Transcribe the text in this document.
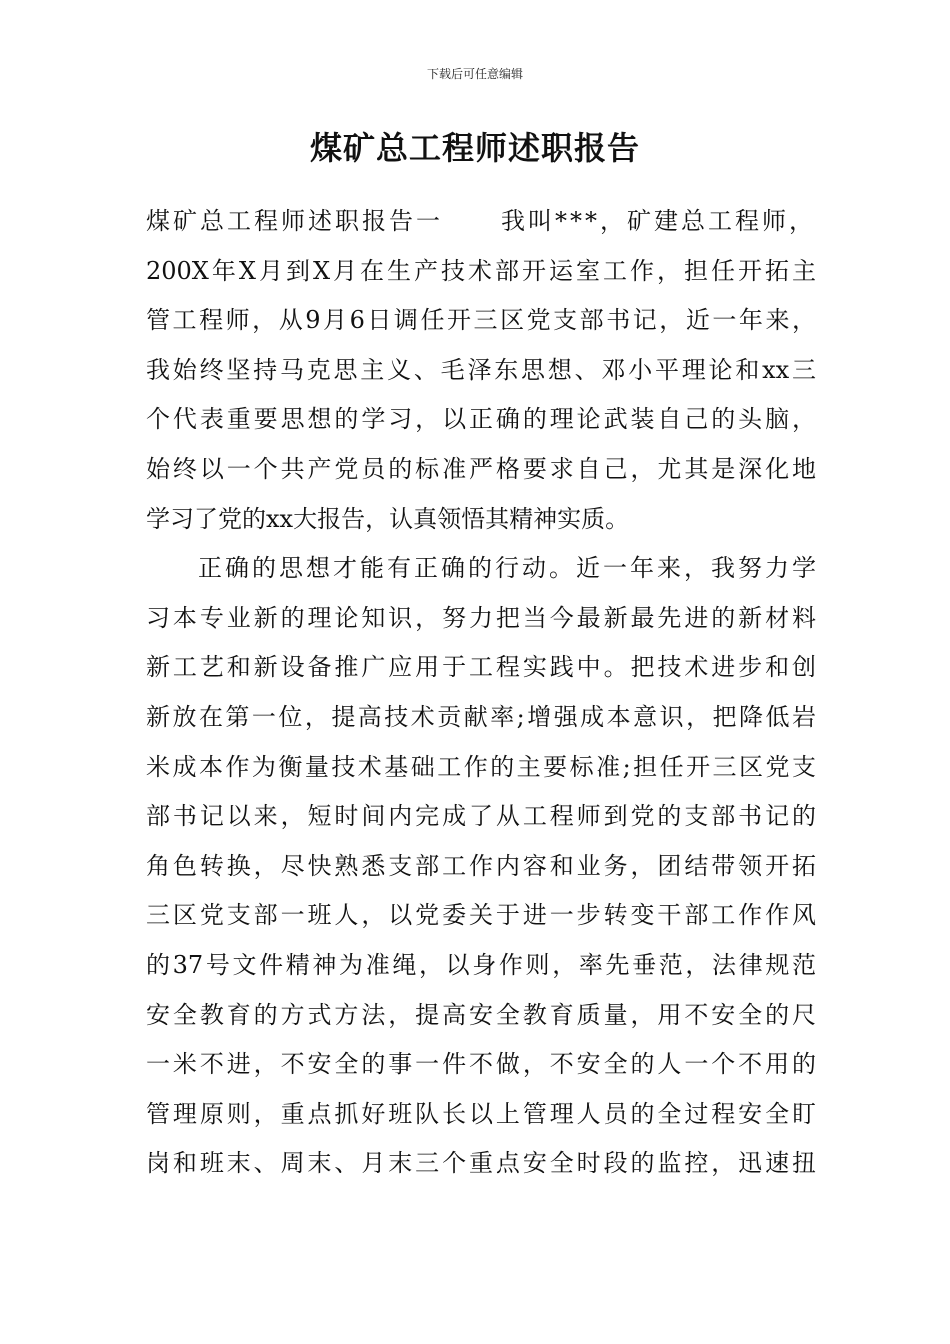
下载后可任意编辑
煤矿总工程师述职报告
煤矿总工程师述职报告一 我叫***，矿建总工程师，
200X年X月到X月在生产技术部开运室工作，担任开拓主
管工程师，从9月6日调任开三区党支部书记，近一年来，
我始终坚持马克思主义、毛泽东思想、邓小平理论和xx三
个代表重要思想的学习，以正确的理论武装自己的头脑，
始终以一个共产党员的标准严格要求自己，尤其是深化地
学习了党的xx大报告，认真领悟其精神实质。
正确的思想才能有正确的行动。近一年来，我努力学
习本专业新的理论知识，努力把当今最新最先进的新材料
新工艺和新设备推广应用于工程实践中。把技术进步和创
新放在第一位，提高技术贡献率;增强成本意识，把降低岩
米成本作为衡量技术基础工作的主要标准;担任开三区党支
部书记以来，短时间内完成了从工程师到党的支部书记的
角色转换，尽快熟悉支部工作内容和业务，团结带领开拓
三区党支部一班人，以党委关于进一步转变干部工作作风
的37号文件精神为准绳，以身作则，率先垂范，法律规范
安全教育的方式方法，提高安全教育质量，用不安全的尺
一米不进，不安全的事一件不做，不安全的人一个不用的
管理原则，重点抓好班队长以上管理人员的全过程安全盯
岗和班末、周末、月末三个重点安全时段的监控，迅速扭
